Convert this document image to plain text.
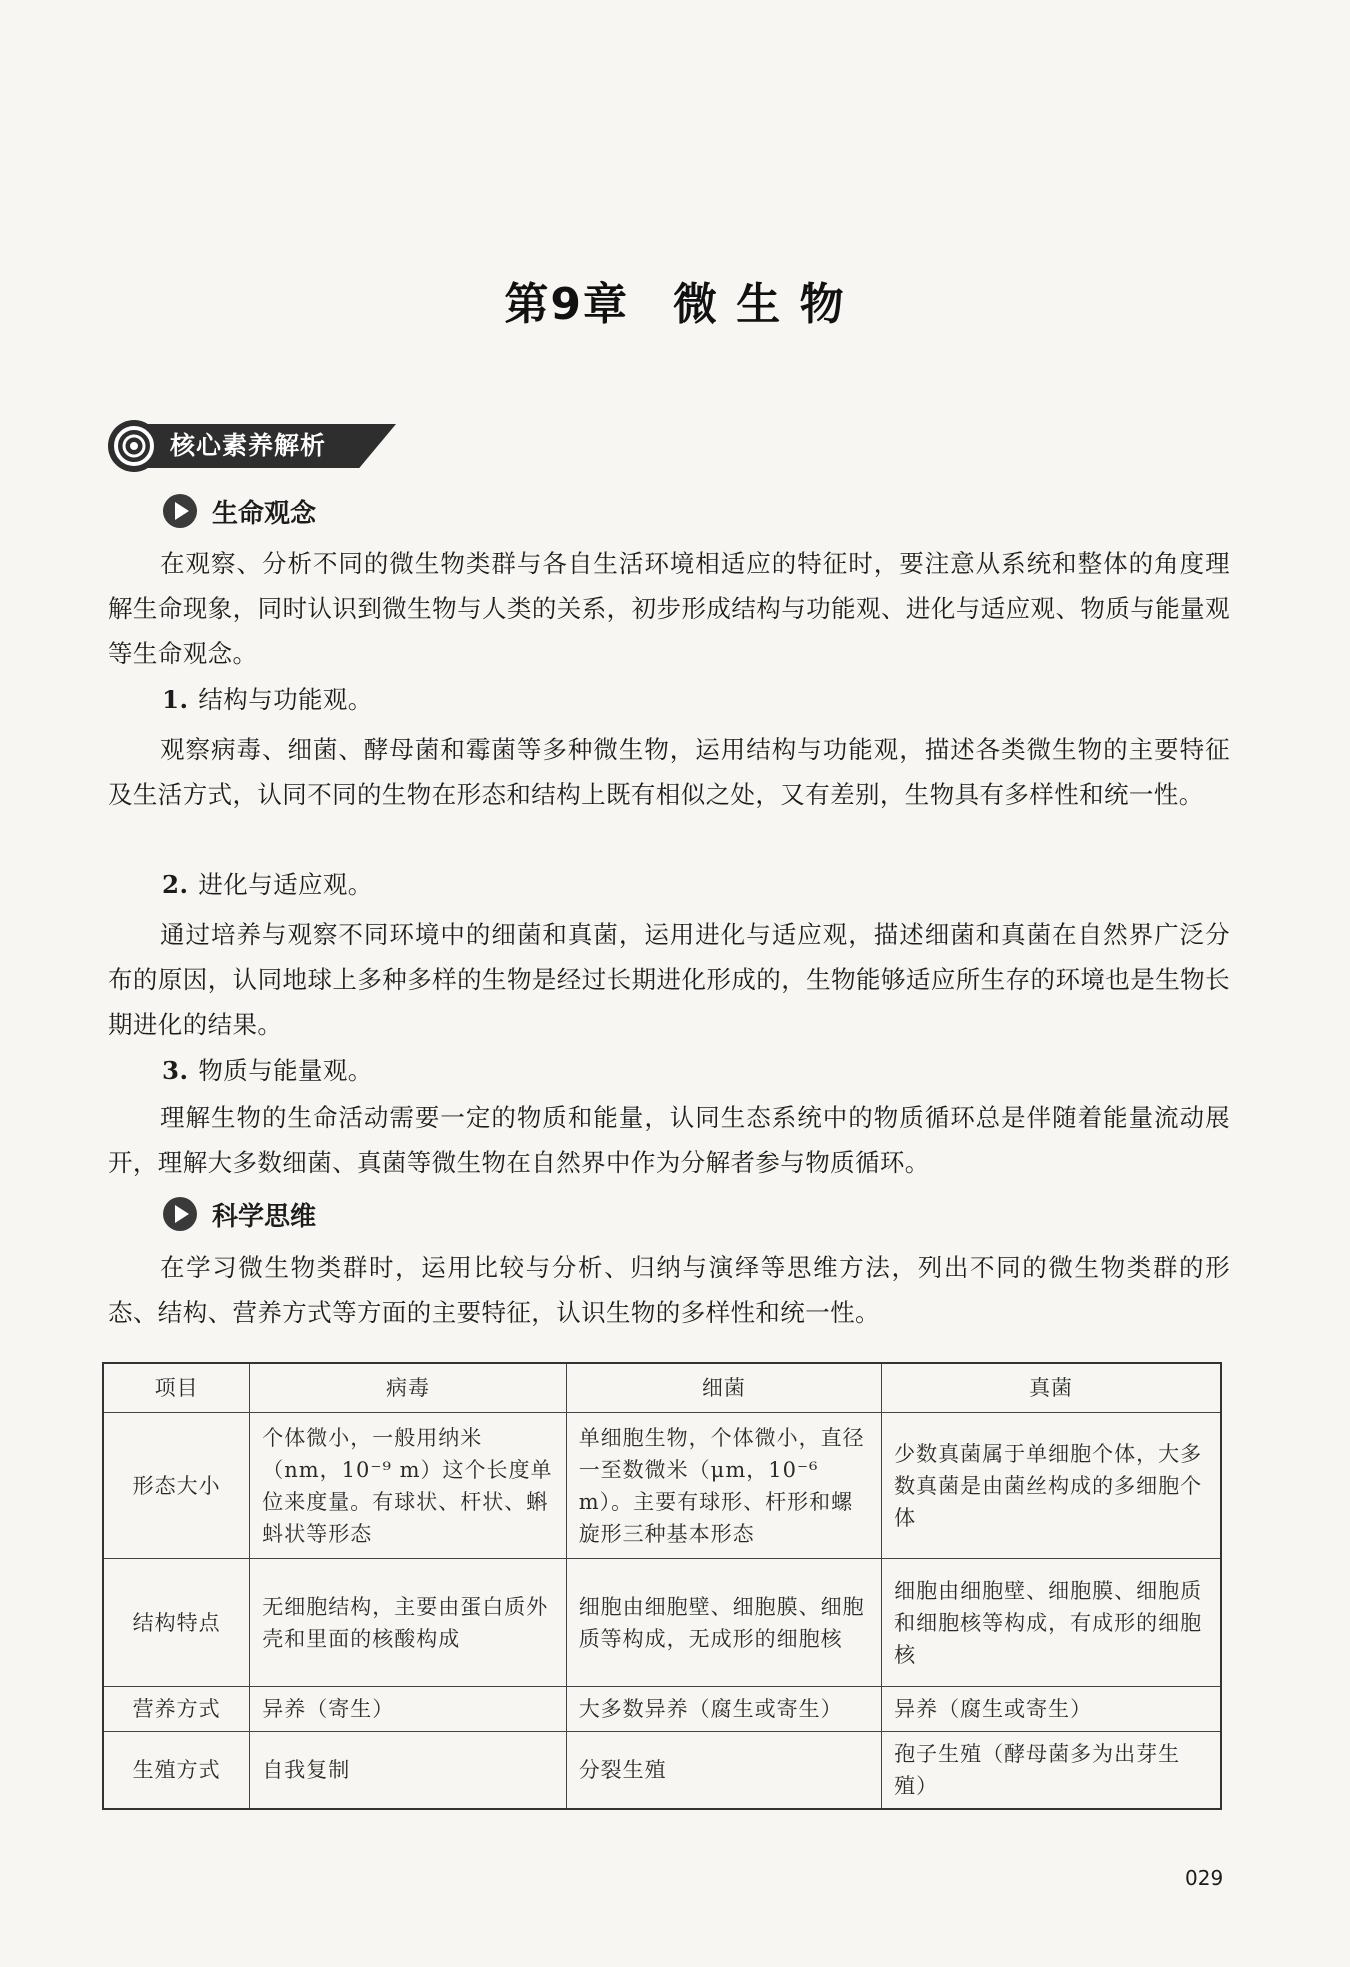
第9章 微 生 物
核心素养解析
生命观念

在观察、分析不同的微生物类群与各自生活环境相适应的特征时，要注意从系统和整体的角度理解生命现象，同时认识到微生物与人类的关系，初步形成结构与功能观、进化与适应观、物质与能量观等生命观念。

1. 结构与功能观。

观察病毒、细菌、酵母菌和霉菌等多种微生物，运用结构与功能观，描述各类微生物的主要特征及生活方式，认同不同的生物在形态和结构上既有相似之处，又有差别，生物具有多样性和统一性。

2. 进化与适应观。

通过培养与观察不同环境中的细菌和真菌，运用进化与适应观，描述细菌和真菌在自然界广泛分布的原因，认同地球上多种多样的生物是经过长期进化形成的，生物能够适应所生存的环境也是生物长期进化的结果。

3. 物质与能量观。

理解生物的生命活动需要一定的物质和能量，认同生态系统中的物质循环总是伴随着能量流动展开，理解大多数细菌、真菌等微生物在自然界中作为分解者参与物质循环。

科学思维

在学习微生物类群时，运用比较与分析、归纳与演绎等思维方法，列出不同的微生物类群的形态、结构、营养方式等方面的主要特征，认识生物的多样性和统一性。

项目	病毒	细菌	真菌
形态大小	个体微小，一般用纳米（nm，10⁻⁹ m）这个长度单位来度量。有球状、杆状、蝌蚪状等形态	单细胞生物，个体微小，直径一至数微米（μm，10⁻⁶ m）。主要有球形、杆形和螺旋形三种基本形态	少数真菌属于单细胞个体，大多数真菌是由菌丝构成的多细胞个体
结构特点	无细胞结构，主要由蛋白质外壳和里面的核酸构成	细胞由细胞壁、细胞膜、细胞质等构成，无成形的细胞核	细胞由细胞壁、细胞膜、细胞质和细胞核等构成，有成形的细胞核
营养方式	异养（寄生）	大多数异养（腐生或寄生）	异养（腐生或寄生）
生殖方式	自我复制	分裂生殖	孢子生殖（酵母菌多为出芽生殖）
029
